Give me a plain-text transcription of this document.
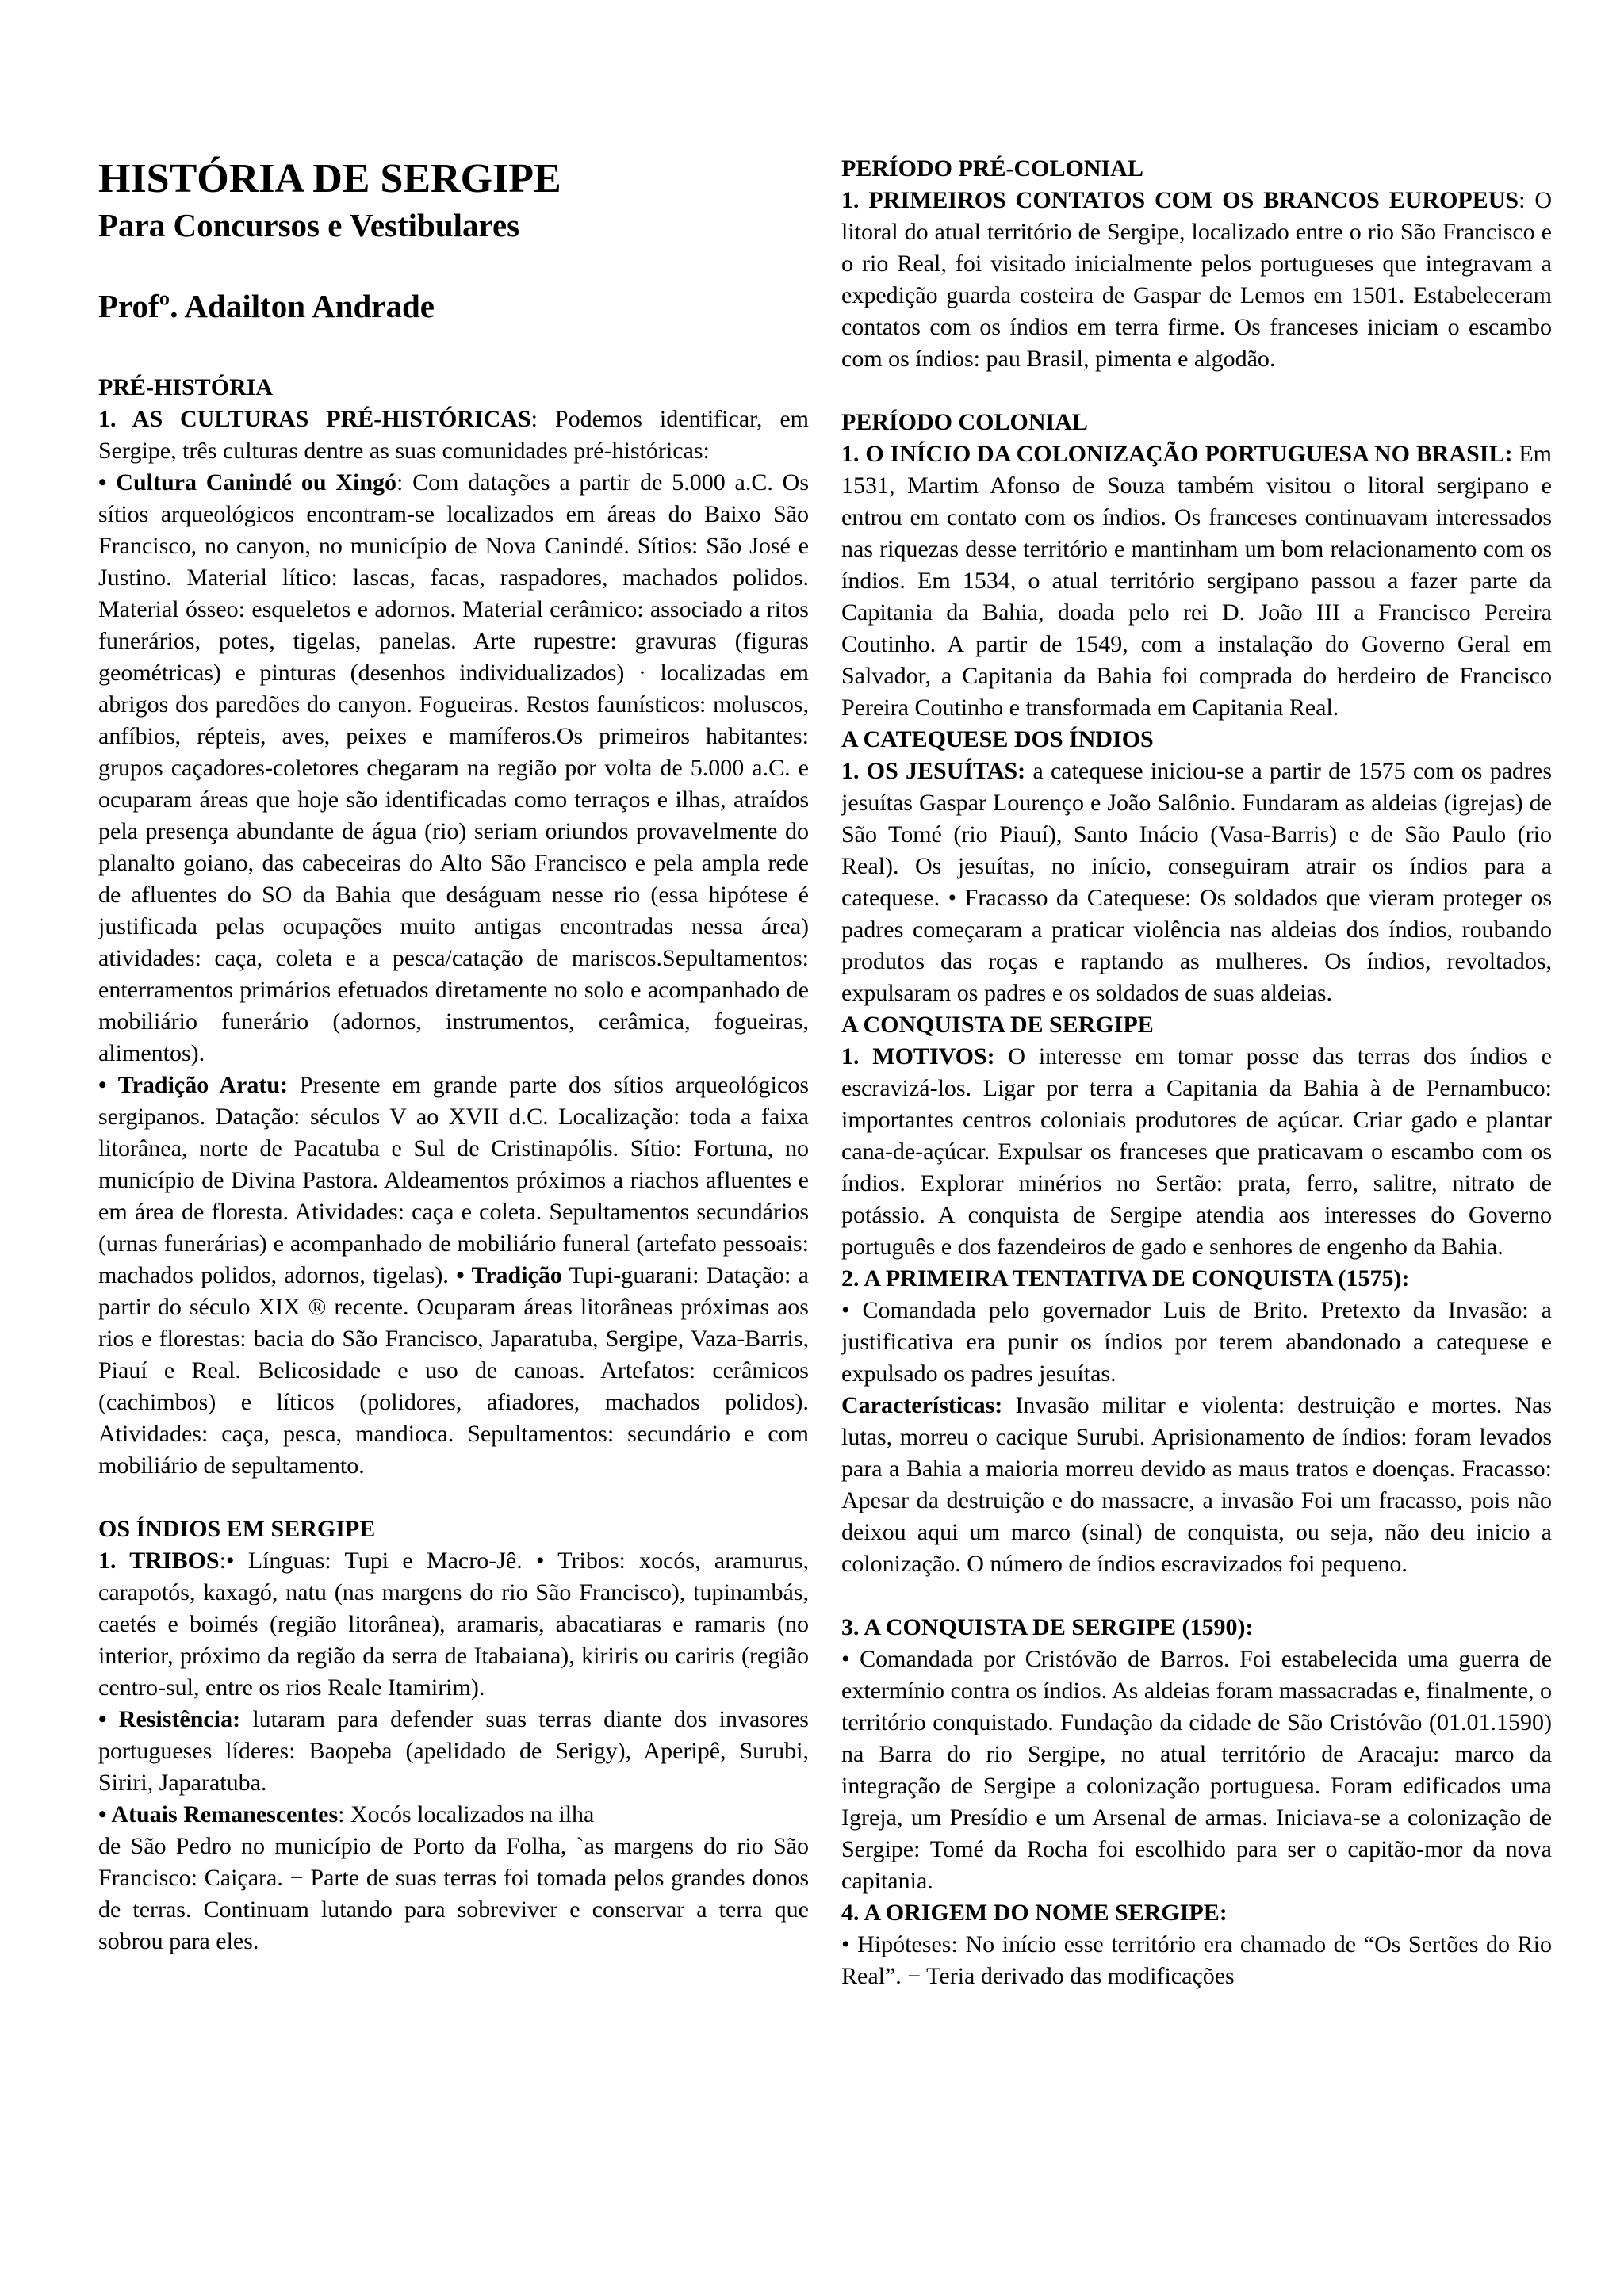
HISTÓRIA DE SERGIPE
Para Concursos e Vestibulares
Profº. Adailton Andrade
PRÉ-HISTÓRIA

1. AS CULTURAS PRÉ-HISTÓRICAS: Podemos identificar, em Sergipe, três culturas dentre as suas comunidades pré-históricas:

• Cultura Canindé ou Xingó: Com datações a partir de 5.000 a.C. Os sítios arqueológicos encontram-se localizados em áreas do Baixo São Francisco, no canyon, no município de Nova Canindé. Sítios: São José e Justino. Material lítico: lascas, facas, raspadores, machados polidos. Material ósseo: esqueletos e adornos. Material cerâmico: associado a ritos funerários, potes, tigelas, panelas. Arte rupestre: gravuras (figuras geométricas) e pinturas (desenhos individualizados) · localizadas em abrigos dos paredões do canyon. Fogueiras. Restos faunísticos: moluscos, anfíbios, répteis, aves, peixes e mamíferos.Os primeiros habitantes: grupos caçadores-coletores chegaram na região por volta de 5.000 a.C. e ocuparam áreas que hoje são identificadas como terraços e ilhas, atraídos pela presença abundante de água (rio) seriam oriundos provavelmente do planalto goiano, das cabeceiras do Alto São Francisco e pela ampla rede de afluentes do SO da Bahia que deságuam nesse rio (essa hipótese é justificada pelas ocupações muito antigas encontradas nessa área) atividades: caça, coleta e a pesca/catação de mariscos.Sepultamentos: enterramentos primários efetuados diretamente no solo e acompanhado de mobiliário funerário (adornos, instrumentos, cerâmica, fogueiras, alimentos).

• Tradição Aratu: Presente em grande parte dos sítios arqueológicos sergipanos. Datação: séculos V ao XVII d.C. Localização: toda a faixa litorânea, norte de Pacatuba e Sul de Cristinapólis. Sítio: Fortuna, no município de Divina Pastora. Aldeamentos próximos a riachos afluentes e em área de floresta. Atividades: caça e coleta. Sepultamentos secundários (urnas funerárias) e acompanhado de mobiliário funeral (artefato pessoais: machados polidos, adornos, tigelas). • Tradição Tupi-guarani: Datação: a partir do século XIX ® recente. Ocuparam áreas litorâneas próximas aos rios e florestas: bacia do São Francisco, Japaratuba, Sergipe, Vaza-Barris, Piauí e Real. Belicosidade e uso de canoas. Artefatos: cerâmicos (cachimbos) e líticos (polidores, afiadores, machados polidos). Atividades: caça, pesca, mandioca. Sepultamentos: secundário e com mobiliário de sepultamento.

OS ÍNDIOS EM SERGIPE

1. TRIBOS:• Línguas: Tupi e Macro-Jê. • Tribos: xocós, aramurus, carapotós, kaxagó, natu (nas margens do rio São Francisco), tupinambás, caetés e boimés (região litorânea), aramaris, abacatiaras e ramaris (no interior, próximo da região da serra de Itabaiana), kiriris ou cariris (região centro-sul, entre os rios Reale Itamirim).

• Resistência: lutaram para defender suas terras diante dos invasores portugueses líderes: Baopeba (apelidado de Serigy), Aperipê, Surubi, Siriri, Japaratuba.

• Atuais Remanescentes: Xocós localizados na ilha

de São Pedro no município de Porto da Folha, `as margens do rio São Francisco: Caiçara. − Parte de suas terras foi tomada pelos grandes donos de terras. Continuam lutando para sobreviver e conservar a terra que sobrou para eles.

PERÍODO PRÉ-COLONIAL

1. PRIMEIROS CONTATOS COM OS BRANCOS EUROPEUS: O litoral do atual território de Sergipe, localizado entre o rio São Francisco e o rio Real, foi visitado inicialmente pelos portugueses que integravam a expedição guarda costeira de Gaspar de Lemos em 1501. Estabeleceram contatos com os índios em terra firme. Os franceses iniciam o escambo com os índios: pau Brasil, pimenta e algodão.

PERÍODO COLONIAL

1. O INÍCIO DA COLONIZAÇÃO PORTUGUESA NO BRASIL: Em 1531, Martim Afonso de Souza também visitou o litoral sergipano e entrou em contato com os índios. Os franceses continuavam interessados nas riquezas desse território e mantinham um bom relacionamento com os índios. Em 1534, o atual território sergipano passou a fazer parte da Capitania da Bahia, doada pelo rei D. João III a Francisco Pereira Coutinho. A partir de 1549, com a instalação do Governo Geral em Salvador, a Capitania da Bahia foi comprada do herdeiro de Francisco Pereira Coutinho e transformada em Capitania Real.

A CATEQUESE DOS ÍNDIOS

1. OS JESUÍTAS: a catequese iniciou-se a partir de 1575 com os padres jesuítas Gaspar Lourenço e João Salônio. Fundaram as aldeias (igrejas) de São Tomé (rio Piauí), Santo Inácio (Vasa-Barris) e de São Paulo (rio Real). Os jesuítas, no início, conseguiram atrair os índios para a catequese. • Fracasso da Catequese: Os soldados que vieram proteger os padres começaram a praticar violência nas aldeias dos índios, roubando produtos das roças e raptando as mulheres. Os índios, revoltados, expulsaram os padres e os soldados de suas aldeias.

A CONQUISTA DE SERGIPE

1. MOTIVOS: O interesse em tomar posse das terras dos índios e escravizá-los. Ligar por terra a Capitania da Bahia à de Pernambuco: importantes centros coloniais produtores de açúcar. Criar gado e plantar cana-de-açúcar. Expulsar os franceses que praticavam o escambo com os índios. Explorar minérios no Sertão: prata, ferro, salitre, nitrato de potássio. A conquista de Sergipe atendia aos interesses do Governo português e dos fazendeiros de gado e senhores de engenho da Bahia.

2. A PRIMEIRA TENTATIVA DE CONQUISTA (1575):

• Comandada pelo governador Luis de Brito. Pretexto da Invasão: a justificativa era punir os índios por terem abandonado a catequese e expulsado os padres jesuítas.

Características: Invasão militar e violenta: destruição e mortes. Nas lutas, morreu o cacique Surubi. Aprisionamento de índios: foram levados para a Bahia a maioria morreu devido as maus tratos e doenças. Fracasso: Apesar da destruição e do massacre, a invasão Foi um fracasso, pois não deixou aqui um marco (sinal) de conquista, ou seja, não deu inicio a colonização. O número de índios escravizados foi pequeno.

3. A CONQUISTA DE SERGIPE (1590):

• Comandada por Cristóvão de Barros. Foi estabelecida uma guerra de extermínio contra os índios. As aldeias foram massacradas e, finalmente, o território conquistado. Fundação da cidade de São Cristóvão (01.01.1590) na Barra do rio Sergipe, no atual território de Aracaju: marco da integração de Sergipe a colonização portuguesa. Foram edificados uma Igreja, um Presídio e um Arsenal de armas. Iniciava-se a colonização de Sergipe: Tomé da Rocha foi escolhido para ser o capitão-mor da nova capitania.

4. A ORIGEM DO NOME SERGIPE:

• Hipóteses: No início esse território era chamado de “Os Sertões do Rio Real”. − Teria derivado das modificações
